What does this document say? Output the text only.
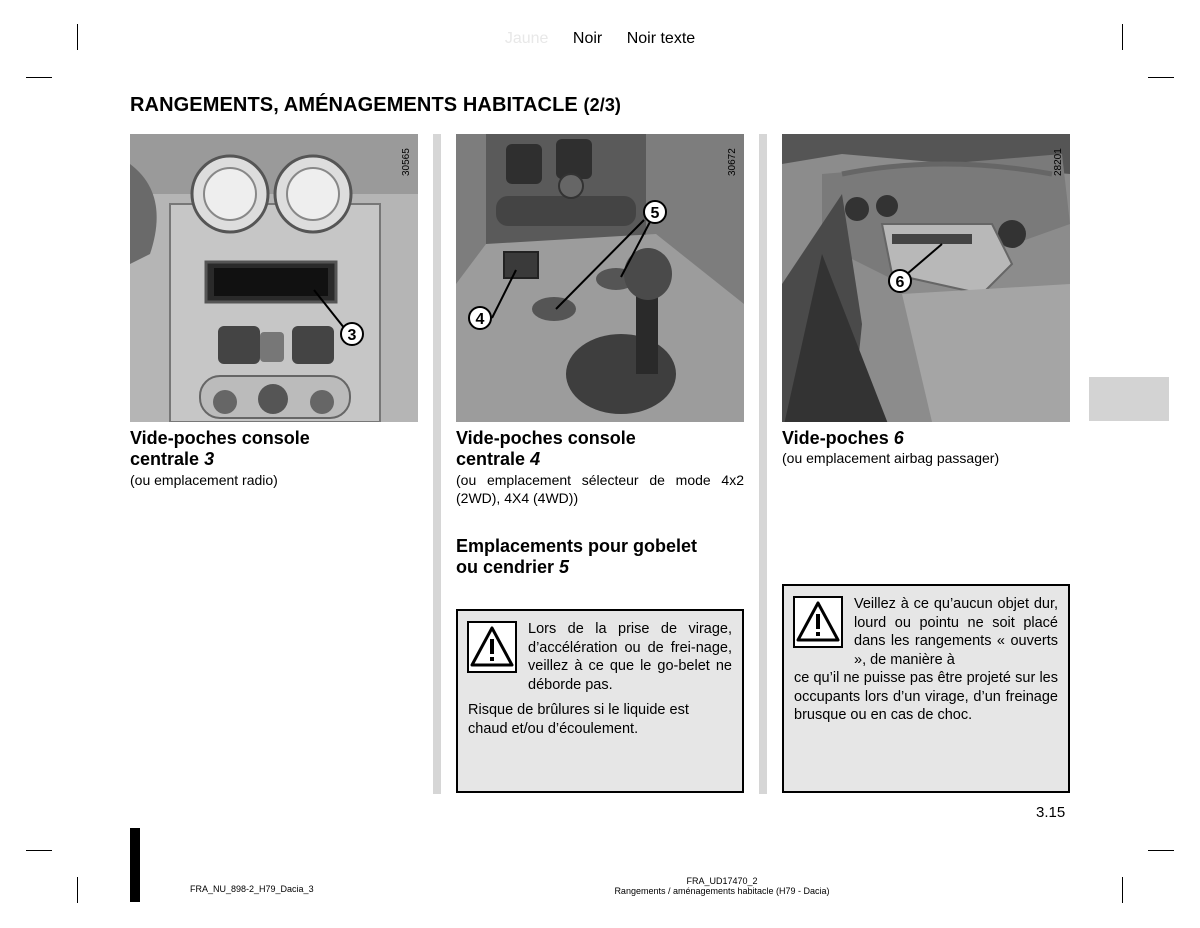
Jaune Noir Noir texte
RANGEMENTS, AMÉNAGEMENTS HABITACLE (2/3)
3
30565
Vide-poches console
centrale 3
(ou emplacement radio)
4
5
30672
Vide-poches console
centrale 4
(ou emplacement sélecteur de mode 4x2 (2WD), 4X4 (4WD))
Emplacements pour gobelet
ou cendrier 5
Lors de la prise de virage, d’accélération ou de frei-nage, veillez à ce que le go-belet ne déborde pas.
Risque de brûlures si le liquide est chaud et/ou d’écoulement.
6
28201
Vide-poches 6
(ou emplacement airbag passager)
Veillez à ce qu’aucun objet dur, lourd ou pointu ne soit placé dans les rangements « ouverts », de manière à
ce qu’il ne puisse pas être projeté sur les occupants lors d’un virage, d’un freinage brusque ou en cas de choc.
3.15
FRA_NU_898-2_H79_Dacia_3
FRA_UD17470_2
Rangements / aménagements habitacle (H79 - Dacia)
